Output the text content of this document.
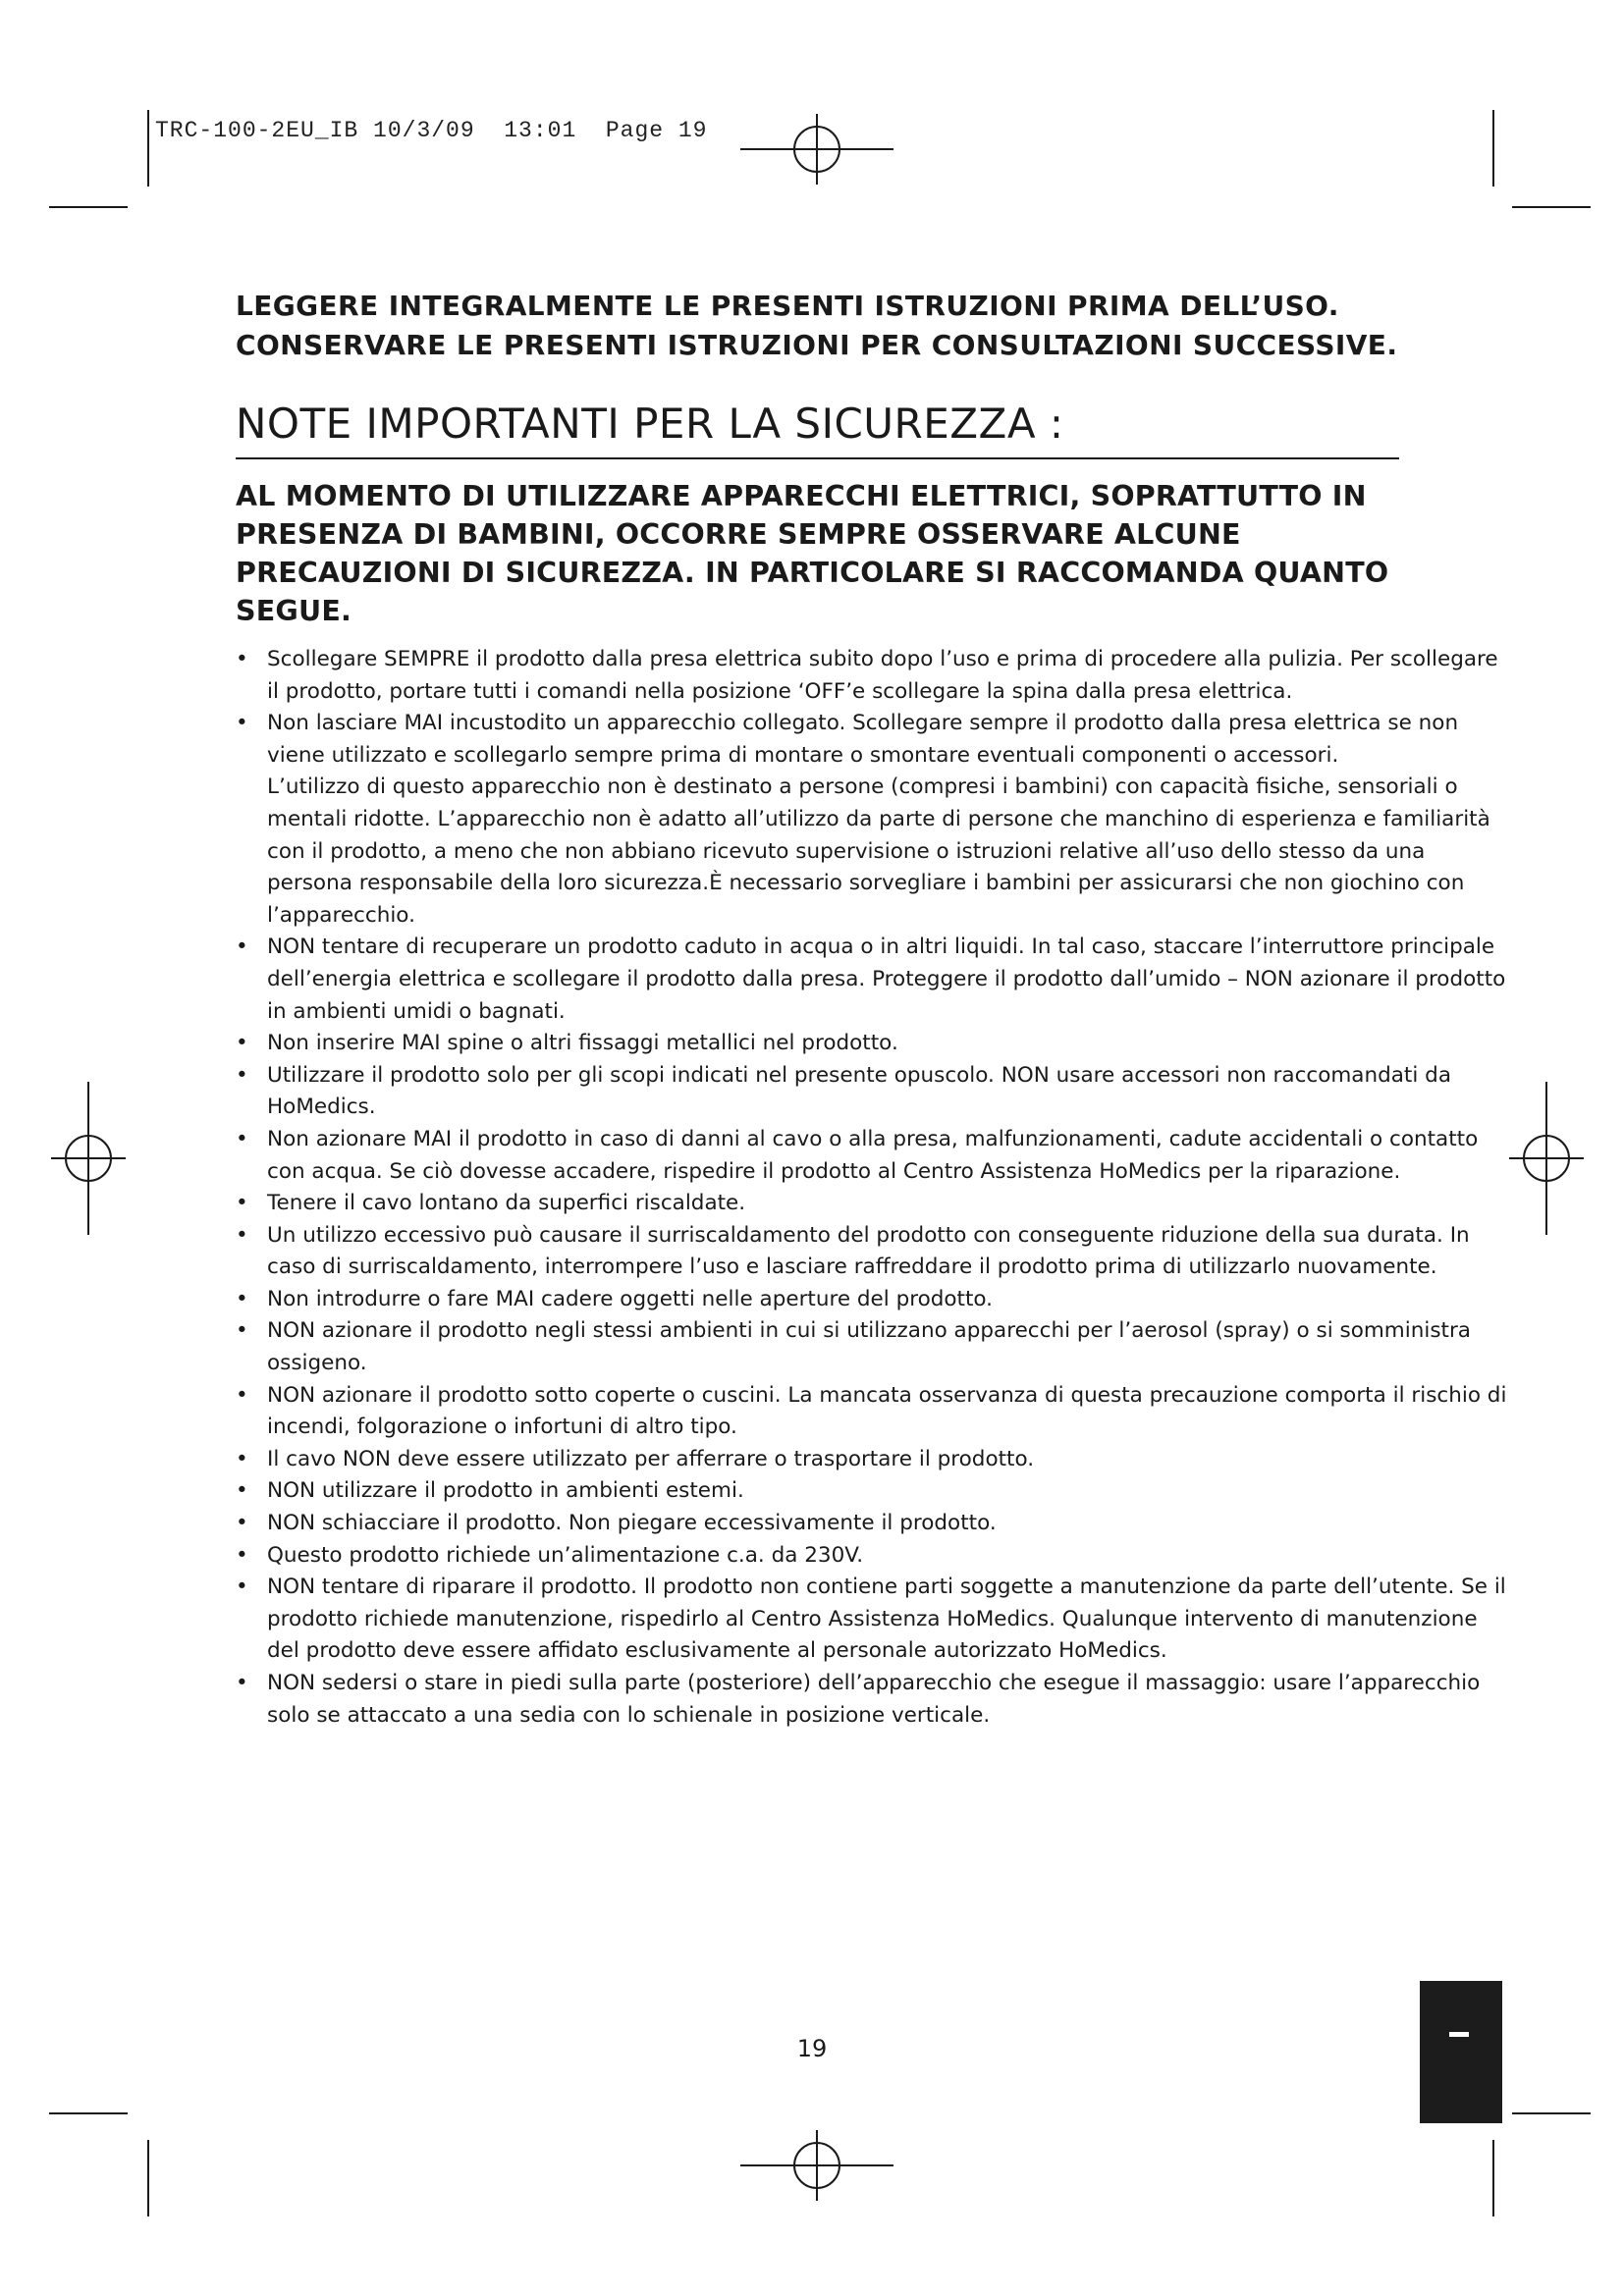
TRC-100-2EU_IB 10/3/09  13:01  Page 19

LEGGERE INTEGRALMENTE LE PRESENTI ISTRUZIONI PRIMA DELL’USO.

CONSERVARE LE PRESENTI ISTRUZIONI PER CONSULTAZIONI SUCCESSIVE.

NOTE IMPORTANTI PER LA SICUREZZA :

AL MOMENTO DI UTILIZZARE APPARECCHI ELETTRICI, SOPRATTUTTO IN PRESENZA DI BAMBINI, OCCORRE SEMPRE OSSERVARE ALCUNE PRECAUZIONI DI SICUREZZA. IN PARTICOLARE SI RACCOMANDA QUANTO SEGUE.

• Scollegare SEMPRE il prodotto dalla presa elettrica subito dopo l’uso e prima di procedere alla pulizia. Per scollegare il prodotto, portare tutti i comandi nella posizione ‘OFF’e scollegare la spina dalla presa elettrica.
• Non lasciare MAI incustodito un apparecchio collegato. Scollegare sempre il prodotto dalla presa elettrica se non viene utilizzato e scollegarlo sempre prima di montare o smontare eventuali componenti o accessori.
L’utilizzo di questo apparecchio non è destinato a persone (compresi i bambini) con capacità fisiche, sensoriali o mentali ridotte. L’apparecchio non è adatto all’utilizzo da parte di persone che manchino di esperienza e familiarità con il prodotto, a meno che non abbiano ricevuto supervisione o istruzioni relative all’uso dello stesso da una persona responsabile della loro sicurezza.È necessario sorvegliare i bambini per assicurarsi che non giochino con l’apparecchio.
• NON tentare di recuperare un prodotto caduto in acqua o in altri liquidi. In tal caso, staccare l’interruttore principale dell’energia elettrica e scollegare il prodotto dalla presa. Proteggere il prodotto dall’umido – NON azionare il prodotto in ambienti umidi o bagnati.
• Non inserire MAI spine o altri fissaggi metallici nel prodotto.
• Utilizzare il prodotto solo per gli scopi indicati nel presente opuscolo. NON usare accessori non raccomandati da HoMedics.
• Non azionare MAI il prodotto in caso di danni al cavo o alla presa, malfunzionamenti, cadute accidentali o contatto con acqua. Se ciò dovesse accadere, rispedire il prodotto al Centro Assistenza HoMedics per la riparazione.
• Tenere il cavo lontano da superfici riscaldate.
• Un utilizzo eccessivo può causare il surriscaldamento del prodotto con conseguente riduzione della sua durata. In caso di surriscaldamento, interrompere l’uso e lasciare raffreddare il prodotto prima di utilizzarlo nuovamente.
• Non introdurre o fare MAI cadere oggetti nelle aperture del prodotto.
• NON azionare il prodotto negli stessi ambienti in cui si utilizzano apparecchi per l’aerosol (spray) o si somministra ossigeno.
• NON azionare il prodotto sotto coperte o cuscini. La mancata osservanza di questa precauzione comporta il rischio di incendi, folgorazione o infortuni di altro tipo.
• Il cavo NON deve essere utilizzato per afferrare o trasportare il prodotto.
• NON utilizzare il prodotto in ambienti estemi.
• NON schiacciare il prodotto. Non piegare eccessivamente il prodotto.
• Questo prodotto richiede un’alimentazione c.a. da 230V.
• NON tentare di riparare il prodotto. Il prodotto non contiene parti soggette a manutenzione da parte dell’utente. Se il prodotto richiede manutenzione, rispedirlo al Centro Assistenza HoMedics. Qualunque intervento di manutenzione del prodotto deve essere affidato esclusivamente al personale autorizzato HoMedics.
• NON sedersi o stare in piedi sulla parte (posteriore) dell’apparecchio che esegue il massaggio: usare l’apparecchio solo se attaccato a una sedia con lo schienale in posizione verticale.
19
